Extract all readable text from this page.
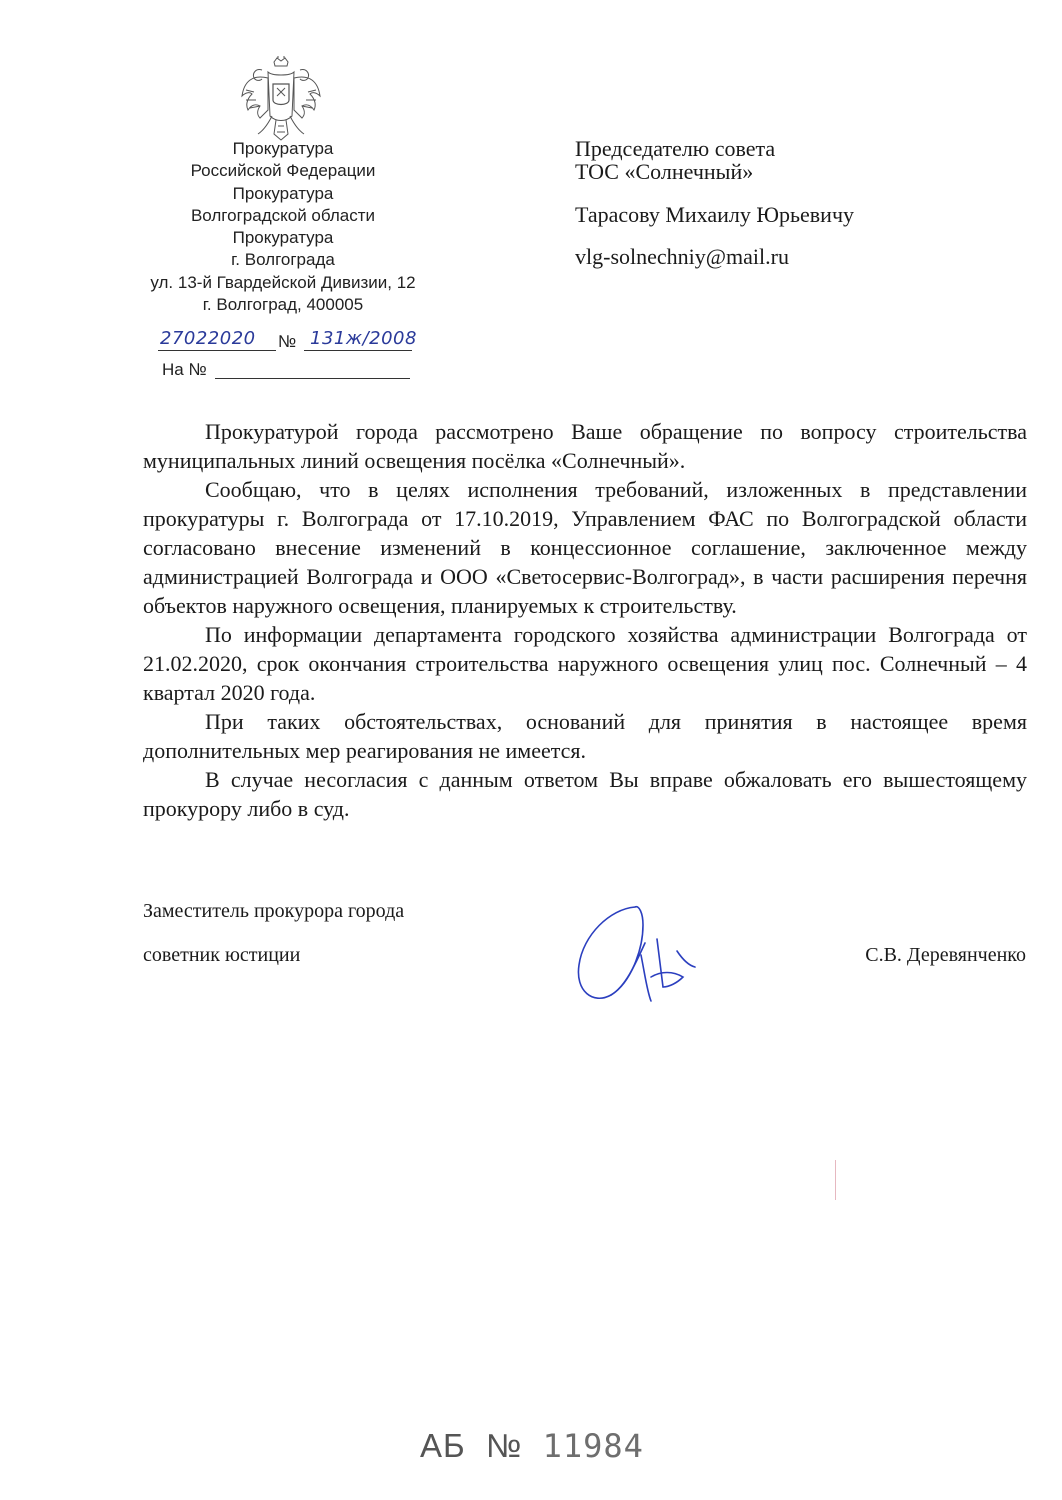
Прокуратура
Российской Федерации
Прокуратура
Волгоградской области
Прокуратура
г. Волгограда
ул. 13-й Гвардейской Дивизии, 12
г. Волгоград, 400005
27022020 № 131ж/2008
На №
Председателю совета
ТОС «Солнечный»
Тарасову Михаилу Юрьевичу
vlg-solnechniy@mail.ru

Прокуратурой города рассмотрено Ваше обращение по вопросу строительства муниципальных линий освещения посёлка «Солнечный».

Сообщаю, что в целях исполнения требований, изложенных в представлении прокуратуры г. Волгограда от 17.10.2019, Управлением ФАС по Волгоградской области согласовано внесение изменений в концессионное соглашение, заключенное между администрацией Волгограда и ООО «Светосервис-Волгоград», в части расширения перечня объектов наружного освещения, планируемых к строительству.

По информации департамента городского хозяйства администрации Волгограда от 21.02.2020, срок окончания строительства наружного освещения улиц пос. Солнечный – 4 квартал 2020 года.

При таких обстоятельствах, оснований для принятия в настоящее время дополнительных мер реагирования не имеется.

В случае несогласия с данным ответом Вы вправе обжаловать его вышестоящему прокурору либо в суд.

Заместитель прокурора города
советник юстиции	С.В. Деревянченко
АБ № 11984
